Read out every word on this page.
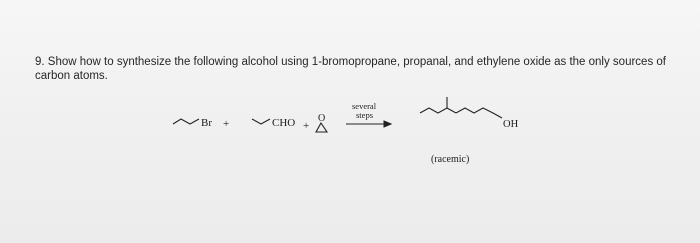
9. Show how to synthesize the following alcohol using 1-bromopropane, propanal, and ethylene oxide as the only sources of carbon atoms.

Br +	CHO +
O
several
steps
OH
(racemic)
